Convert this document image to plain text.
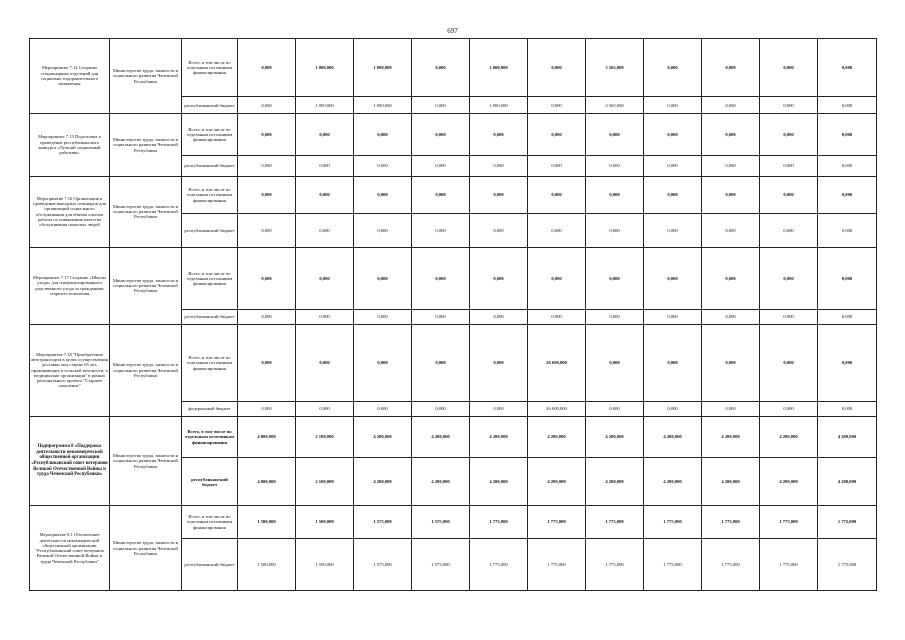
697
Мероприятие 7.14 Создание стационарных отделений для социально-оздоровительного назначения	Министерство труда, занятости и социального развития Чеченской Республики	Всего, в том числе по отдельным источникам финансирования	0,000	1 000,000	1 000,000	0,000	1 000,000	0,000	3 565,000	0,000	0,000	0,000	0,000
		республиканский бюджет	0,000	1 000,000	1 000,000	0,000	1 000,000	0,000	3 565,000	0,000	0,000	0,000	0,000
Мероприятие 7.15 Подготовка и проведение республиканского конкурса «Лучший социальный работник»	Министерство труда, занятости и социального развития Чеченской Республики	Всего, в том числе по отдельным источникам финансирования	0,000	0,000	0,000	0,000	0,000	0,000	0,000	0,000	0,000	0,000	0,000
		республиканский бюджет	0,000	0,000	0,000	0,000	0,000	0,000	0,000	0,000	0,000	0,000	0,000
Мероприятие 7.16 Организация и проведение выездных семинаров для организаций социального обслуживания для обмена опытом работы по повышению качества обслуживания пожилых людей	Министерство труда, занятости и социального развития Чеченской Республики	Всего, в том числе по отдельным источникам финансирования	0,000	0,000	0,000	0,000	0,000	0,000	0,000	0,000	0,000	0,000	0,000
		республиканский бюджет	0,000	0,000	0,000	0,000	0,000	0,000	0,000	0,000	0,000	0,000	0,000
Мероприятие 7.17 Создание «Школы ухода» для специализированного родственного ухода за гражданами старшего поколения	Министерство труда, занятости и социального развития Чеченской Республики	Всего, в том числе по отдельным источникам финансирования	0,000	0,000	0,000	0,000	0,000	0,000	0,000	0,000	0,000	0,000	0,000
		республиканский бюджет	0,000	0,000	0,000	0,000	0,000	0,000	0,000	0,000	0,000	0,000	0,000
Мероприятие 7.18 "Приобретение автотранспорта в целях осуществления доставки лиц старше 65 лет, проживающих в сельской местности, в медицинские организации" в рамках регионального проекта "Старшее поколение"	Министерство труда, занятости и социального развития Чеченской Республики	Всего, в том числе по отдельным источникам финансирования	0,000	0,000	0,000	0,000	0,000	26 600,000	0,000	0,000	0,000	0,000	0,000
		федеральный бюджет	0,000	0,000	0,000	0,000	0,000	26 600,000	0,000	0,000	0,000	0,000	0,000
Подпрограмма 8 «Поддержка деятельности некоммерческой общественной организации «Республиканский совет ветеранов Великой Отечественной Войны и труда Чеченской Республики»	Министерство труда, занятости и социального развития Чеченской Республики	Всего, в том числе по отдельным источникам финансирования	4 000,000	2 100,000	4 200,000	4 200,000	4 200,000	4 200,000	4 200,000	4 200,000	4 200,000	4 200,000	4 200,000
		республиканский бюджет	4 000,000	2 100,000	4 200,000	4 200,000	4 200,000	4 200,000	4 200,000	4 200,000	4 200,000	4 200,000	4 200,000
Мероприятие 8.1 Обеспечение деятельности некоммерческой общественной организации "Республиканский совет ветеранов Великой Отечественной Войны и труда Чеченской Республики"	Министерство труда, занятости и социального развития Чеченской Республики	Всего, в том числе по отдельным источникам финансирования	1 500,000	1 500,000	1 575,000	1 575,000	1 775,000	1 775,000	1 775,000	1 775,000	1 775,000	1 775,000	1 775,000
		республиканский бюджет	1 500,000	1 500,000	1 575,000	1 575,000	1 775,000	1 775,000	1 775,000	1 775,000	1 775,000	1 775,000	1 775,000
